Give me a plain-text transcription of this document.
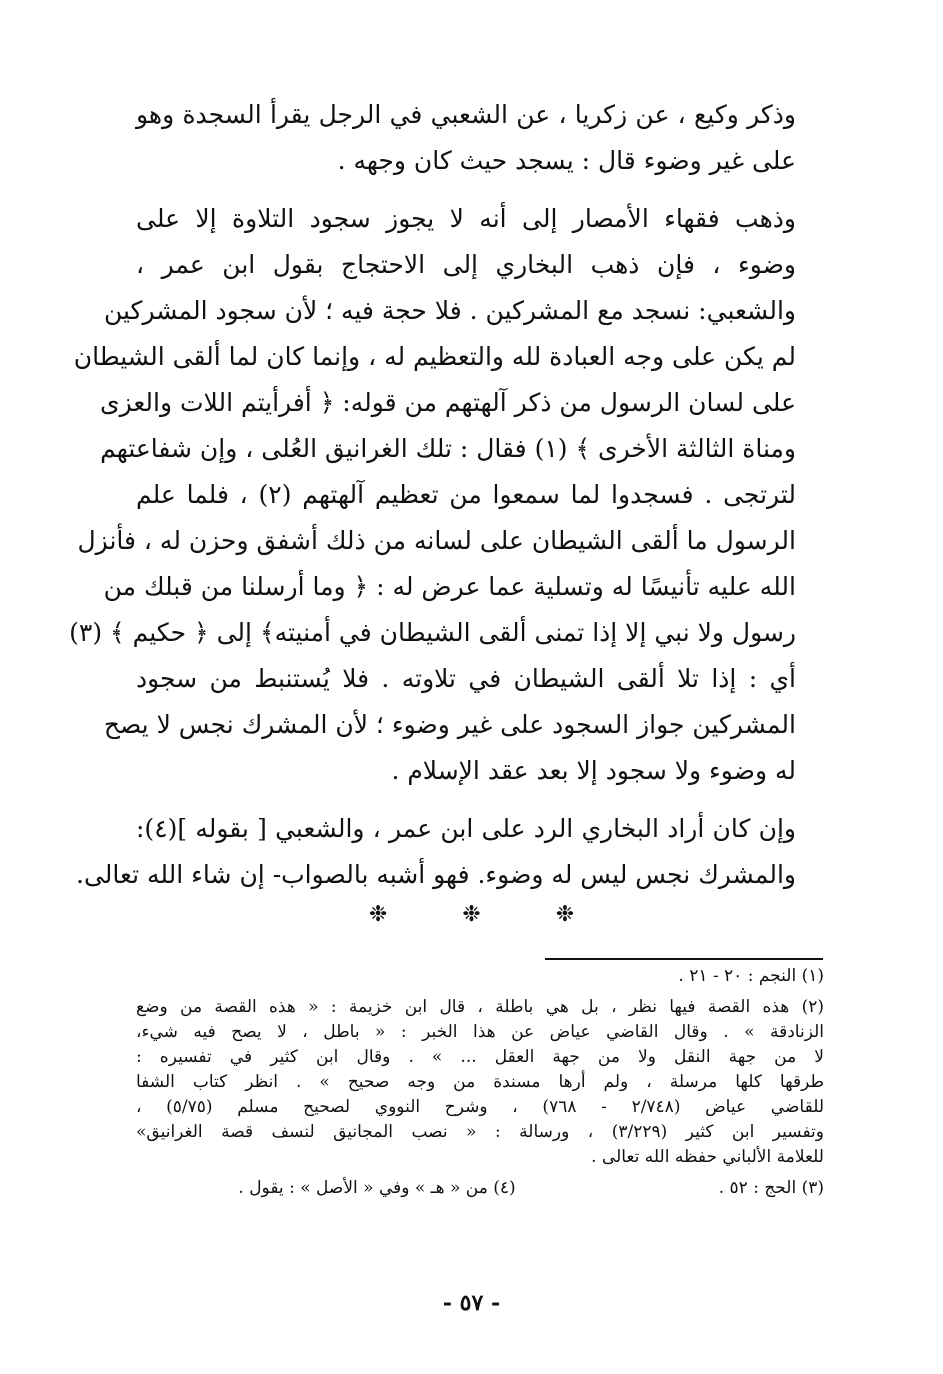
وذكر وكيع ، عن زكريا ، عن الشعبي في الرجل يقرأ السجدة وهو
على غير وضوء قال : يسجد حيث كان وجهه .

وذهب فقهاء الأمصار إلى أنه لا يجوز سجود التلاوة إلا على
وضوء ، فإن ذهب البخاري إلى الاحتجاج بقول ابن عمر ،
والشعبي: نسجد مع المشركين . فلا حجة فيه ؛ لأن سجود المشركين
لم يكن على وجه العبادة لله والتعظيم له ، وإنما كان لما ألقى الشيطان
على لسان الرسول من ذكر آلهتهم من قوله: ﴿ أفرأيتم اللات والعزى
ومناة الثالثة الأخرى ﴾ (١) فقال : تلك الغرانيق العُلى ، وإن شفاعتهم
لترتجى . فسجدوا لما سمعوا من تعظيم آلهتهم (٢) ، فلما علم
الرسول ما ألقى الشيطان على لسانه من ذلك أشفق وحزن له ، فأنزل
الله عليه تأنيسًا له وتسلية عما عرض له : ﴿ وما أرسلنا من قبلك من
رسول ولا نبي إلا إذا تمنى ألقى الشيطان في أمنيته﴾ إلى ﴿ حكيم ﴾ (٣)
أي : إذا تلا ألقى الشيطان في تلاوته . فلا يُستنبط من سجود
المشركين جواز السجود على غير وضوء ؛ لأن المشرك نجس لا يصح
له وضوء ولا سجود إلا بعد عقد الإسلام .

وإن كان أراد البخاري الرد على ابن عمر ، والشعبي [ بقوله ](٤):
والمشرك نجس ليس له وضوء. فهو أشبه بالصواب- إن شاء الله تعالى.

❉	❉	❉
(١) النجم : ٢٠ - ٢١ .
(٢) هذه القصة فيها نظر ، بل هي باطلة ، قال ابن خزيمة : « هذه القصة من وضع
الزنادقة » . وقال القاضي عياض عن هذا الخبر : « باطل ، لا يصح فيه شيء،
لا من جهة النقل ولا من جهة العقل ... » . وقال ابن كثير في تفسيره :
طرقها كلها مرسلة ، ولم أرها مسندة من وجه صحيح » . انظر كتاب الشفا
للقاضي عياض (٢/٧٤٨ - ٧٦٨) ، وشرح النووي لصحيح مسلم (٥/٧٥) ،
وتفسير ابن كثير (٣/٢٢٩) ، ورسالة : « نصب المجانيق لنسف قصة الغرانيق»
للعلامة الألباني حفظه الله تعالى .
(٣) الحج : ٥٢ .
(٤) من « هـ » وفي « الأصل » : يقول .
- ٥٧ -
